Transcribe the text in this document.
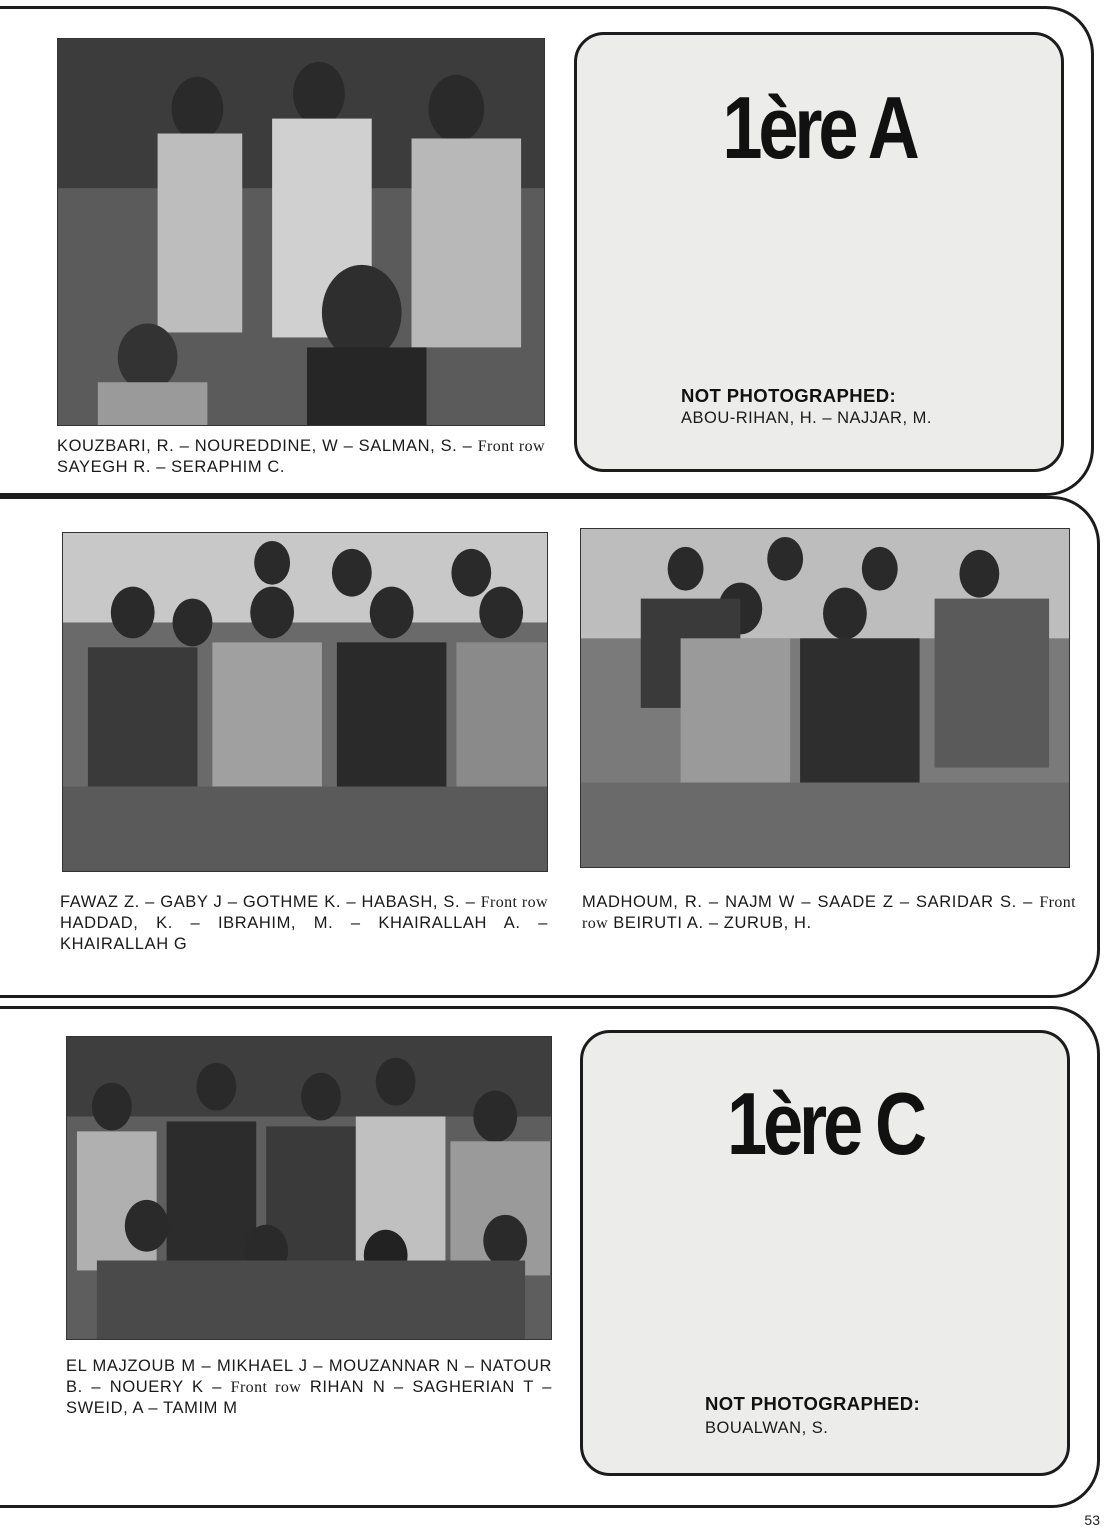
KOUZBARI, R. – NOUREDDINE, W – SALMAN, S. – Front row SAYEGH R. – SERAPHIM C.
1ère A
NOT PHOTOGRAPHED:
ABOU-RIHAN, H. – NAJJAR, M.
FAWAZ Z. – GABY J – GOTHME K. – HABASH, S. – Front row HADDAD, K. – IBRAHIM, M. – KHAIRALLAH A. – KHAIRALLAH G
MADHOUM, R. – NAJM W – SAADE Z – SARIDAR S. – Front row BEIRUTI A. – ZURUB, H.
EL MAJZOUB M – MIKHAEL J – MOUZANNAR N – NATOUR B. – NOUERY K – Front row RIHAN N – SAGHERIAN T – SWEID, A – TAMIM M
1ère C
NOT PHOTOGRAPHED:
BOUALWAN, S.
53
